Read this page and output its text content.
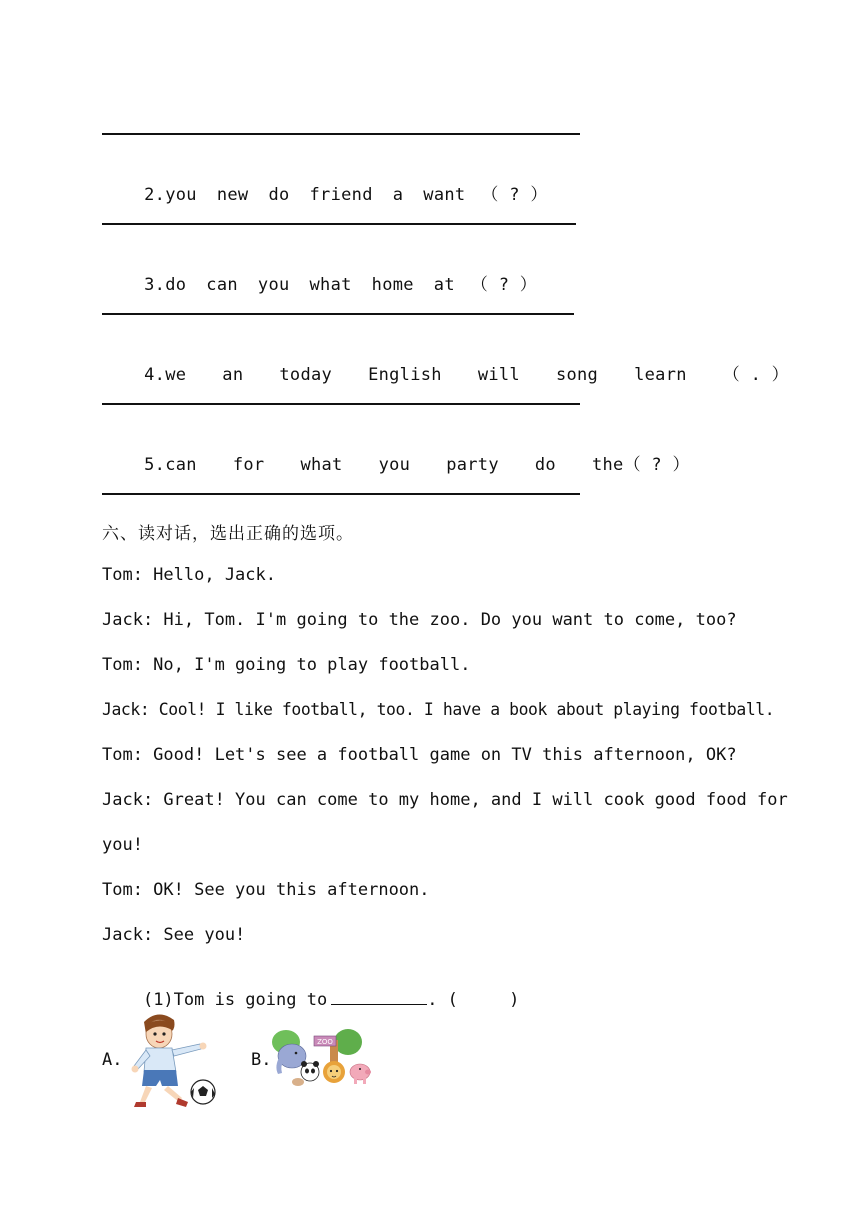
2.you new do friend a want （ ? ）

3.do can you what home at （ ? ）

4.we an today English will song learn （ . ）

5.can for what you party do the（ ? ）

六、读对话，选出正确的选项。
Tom: Hello, Jack.
Jack: Hi, Tom. I'm going to the zoo. Do you want to come, too?
Tom: No, I'm going to play football.
Jack: Cool! I like football, too. I have a book about playing football.
Tom: Good! Let's see a football game on TV this afternoon, OK?
Jack: Great! You can come to my home, and I will cook good food for
you!
Tom: OK! See you this afternoon.
Jack: See you!

(1)Tom is going to	. (     )

A.	B.
ZOO
